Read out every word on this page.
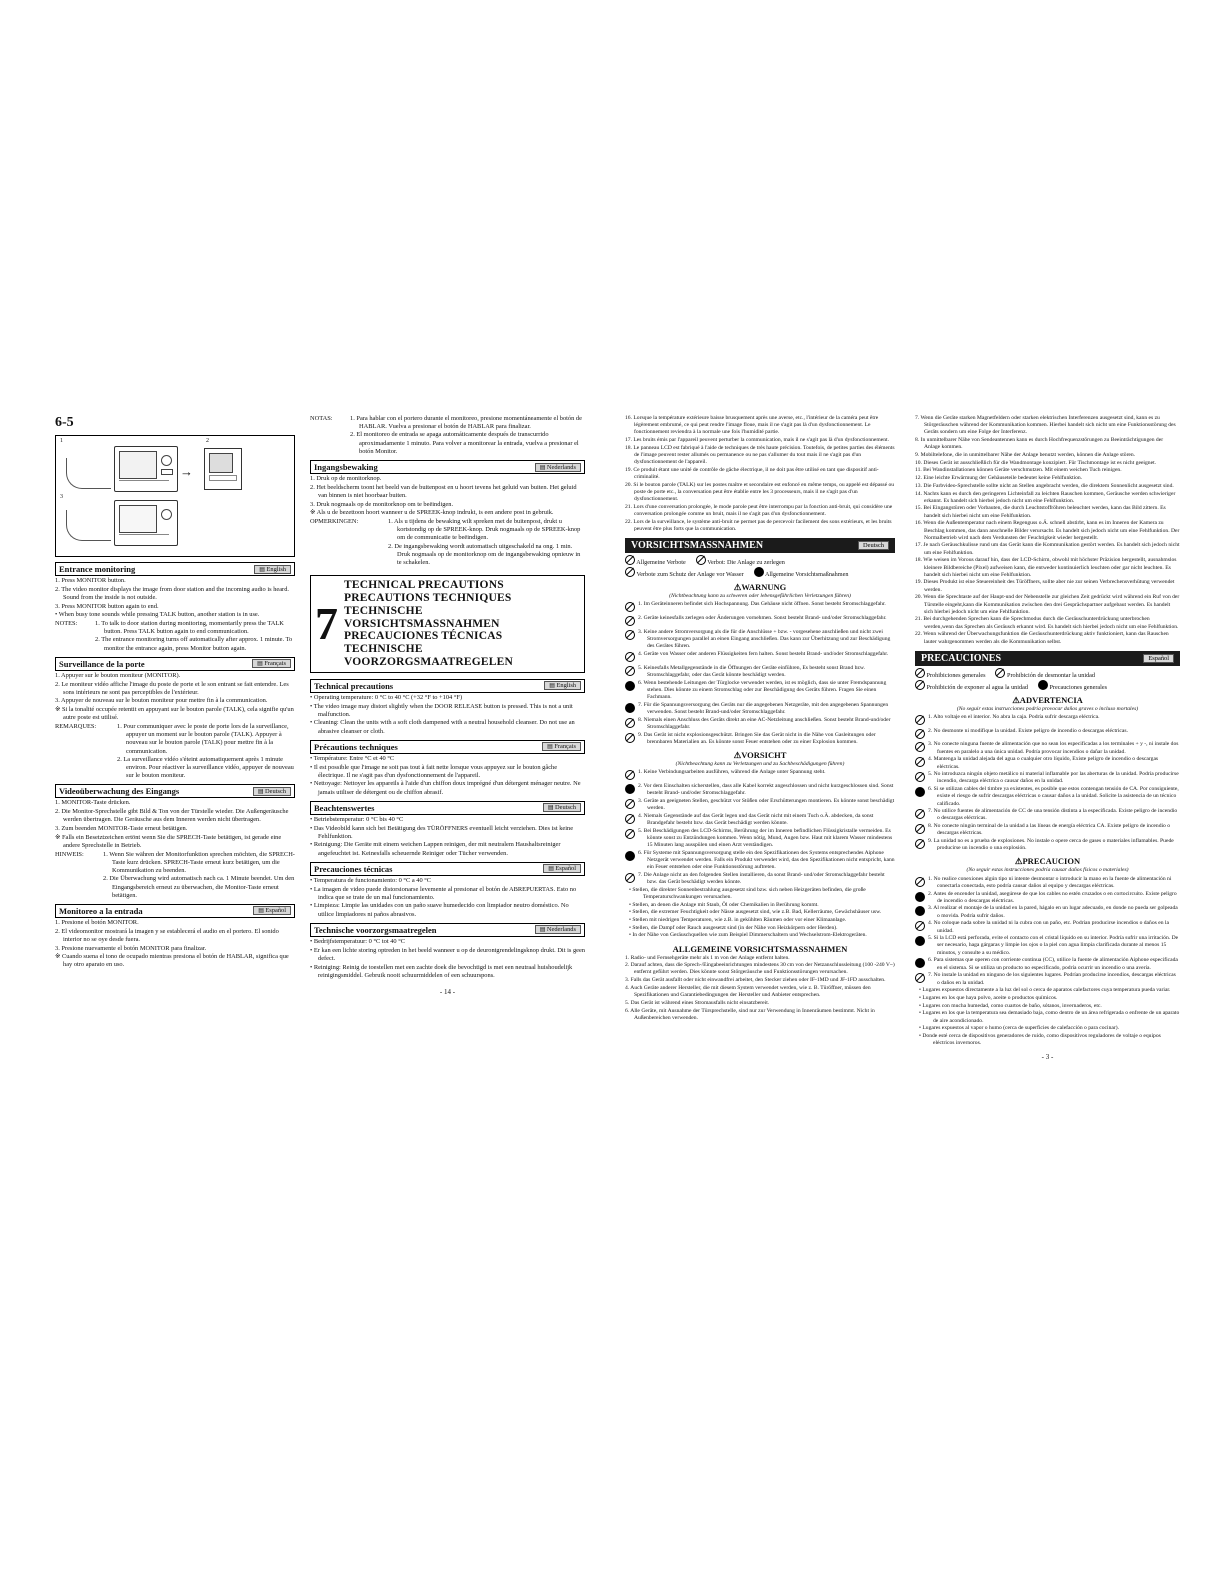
6-5
1	2
3
→
Entrance monitoring	▤ English
1. Press MONITOR button.
2. The video monitor displays the image from door station and the incoming audio is heard. Sound from the inside is not outside.
3. Press MONITOR button again to end.
• When busy tone sounds while pressing TALK button, another station is in use.
NOTES:	1. To talk to door station during monitoring, momentarily press the TALK button. Press TALK button again to end communication.
2. The entrance monitoring turns off automatically after approx. 1 minute. To monitor the entrance again, press Monitor button again.
Surveillance de la porte	▤ Français
1. Appuyer sur le bouton moniteur (MONITOR).
2. Le moniteur vidéo affiche l'image du poste de porte et le son entrant se fait entendre. Les sons intérieurs ne sont pas perceptibles de l'extérieur.
3. Appuyer de nouveau sur le bouton moniteur pour mettre fin à la communication.
※ Si la tonalité occupée retentit en appuyant sur le bouton parole (TALK), cela signifie qu'un autre poste est utilisé.
REMARQUES:	1. Pour communiquer avec le poste de porte lors de la surveillance, appuyer un moment sur le bouton parole (TALK). Appuyer à nouveau sur le bouton parole (TALK) pour mettre fin à la communication.
2. La surveillance vidéo s'éteint automatiquement après 1 minute environ. Pour réactiver la surveillance vidéo, appuyer de nouveau sur le bouton moniteur.
Videoüberwachung des Eingangs	▤ Deutsch
1. MONITOR-Taste drücken.
2. Die Monitor-Sprechstelle gibt Bild & Ton von der Türstelle wieder. Die Außengeräusche werden übertragen. Die Geräusche aus dem Inneren werden nicht übertragen.
3. Zum beenden MONITOR-Taste erneut betätigen.
※ Falls ein Besetztzeichen ertönt wenn Sie die SPRECH-Taste betätigen, ist gerade eine andere Sprechstelle in Betrieb.
HINWEIS:	1. Wenn Sie währen der Monitorfunktion sprechen möchten, die SPRECH-Taste kurz drücken. SPRECH-Taste erneut kurz betätigen, um die Kommunikation zu beenden.
2. Die Überwachung wird automatisch nach ca. 1 Minute beendet. Um den Eingangsbereich erneut zu überwachen, die Monitor-Taste erneut betätigen.
Monitoreo a la entrada	▤ Español
1. Presione el botón MONITOR.
2. El videomonitor mostrará la imagen y se establecerá el audio en el portero. El sonido interior no se oye desde fuera.
3. Presione nuevamente el botón MONITOR para finalizar.
※ Cuando suena el tono de ocupado mientras presiona el botón de HABLAR, significa que hay otro aparato en uso.
NOTAS:	1. Para hablar con el portero durante el monitoreo, presione momentáneamente el botón de HABLAR. Vuelva a presionar el botón de HABLAR para finalizar.
2. El monitoreo de entrada se apaga automáticamente después de transcurrido aproximadamente 1 minuto. Para volver a monitorear la entrada, vuelva a presionar el botón Monitor.
Ingangsbewaking	▤ Nederlands
1. Druk op de monitorknop.
2. Het beeldscherm toont het beeld van de buitenpost en u hoort tevens het geluid van buiten. Het geluid van binnen is niet hoorbaar buiten.
3. Druk nogmaals op de monitorknop om te beëindigen.
※ Als u de bezettoon hoort wanneer u de SPREEK-knop indrukt, is een andere post in gebruik.
OPMERKINGEN:	1. Als u tijdens de bewaking wilt spreken met de buitenpost, drukt u kortstondig op de SPREEK-knop. Druk nogmaals op de SPREEK-knop om de communicatie te beëindigen.
2. De ingangsbewaking wordt automatisch uitgeschakeld na ong. 1 min. Druk nogmaals op de monitorknop om de ingangsbewaking opnieuw in te schakelen.
7
TECHNICAL PRECAUTIONS
PRECAUTIONS TECHNIQUES
TECHNISCHE VORSICHTSMASSNAHMEN
PRECAUCIONES TÉCNICAS
TECHNISCHE VOORZORGSMAATREGELEN
Technical precautions	▤ English
• Operating temperature: 0 °C to 40 °C (+32 °F to +104 °F)
• The video image may distort slightly when the DOOR RELEASE button is pressed. This is not a unit malfunction.
• Cleaning: Clean the units with a soft cloth dampened with a neutral household cleanser. Do not use an abrasive cleanser or cloth.
Précautions techniques	▤ Français
• Température: Entre °C et 40 °C
• Il est possible que l'image ne soit pas tout à fait nette lorsque vous appuyez sur le bouton gâche électrique. Il ne s'agit pas d'un dysfonctionnement de l'appareil.
• Nettoyage: Nettoyer les appareils à l'aide d'un chiffon doux imprégné d'un détergent ménager neutre. Ne jamais utiliser de détergent ou de chiffon abrasif.
Beachtenswertes	▤ Deutsch
• Betriebstemperatur: 0 °C bis 40 °C
• Das Videobild kann sich bei Betätigung des TÜRÖFFNERS eventuell leicht verziehen. Dies ist keine Fehlfunktion.
• Reinigung: Die Geräte mit einem weichen Lappen reinigen, der mit neutralem Haushaltsreiniger angefeuchtet ist. Keinesfalls scheuernde Reiniger oder Tücher verwenden.
Precauciones técnicas	▤ Español
• Temperatura de funcionamiento: 0 °C a 40 °C
• La imagen de video puede distorsionarse levemente al presionar el botón de ABREPUERTAS. Esto no indica que se trate de un mal funcionamiento.
• Limpieza: Limpie las unidades con un paño suave humedecido con limpiador neutro doméstico. No utilice limpiadores ni paños abrasivos.
Technische voorzorgsmaatregelen	▤ Nederlands
• Bedrijfstemperatuur: 0 °C tot 40 °C
• Er kan een lichte storing optreden in het beeld wanneer u op de deurontgrendelingsknop drukt. Dit is geen defect.
• Reiniging: Reinig de toestellen met een zachte doek die bevochtigd is met een neutraal huishoudelijk reinigingsmiddel. Gebruik nooit schuurmiddelen of een schuurspons.
- 14 -
16. Lorsque la température extérieure baisse brusquement après une averse, etc., l'intérieur de la caméra peut être légèrement embrumé, ce qui peut rendre l'image floue, mais il ne s'agit pas là d'un dysfonctionnement. Le fonctionnement reviendra à la normale une fois l'humidité partie.
17. Les bruits émis par l'appareil peuvent perturber la communication, mais il ne s'agit pas là d'un dysfonctionnement.
18. Le panneau LCD est fabriqué à l'aide de techniques de très haute précision. Toutefois, de petites parties des éléments de l'image peuvent rester allumés ou permanence ou ne pas s'allumer du tout mais il ne s'agit pas d'un dysfonctionnement de l'appareil.
19. Ce produit étant une unité de contrôle de gâche électrique, il ne doit pas être utilisé en tant que dispositif anti-criminalité.
20. Si le bouton parole (TALK) sur les postes maître et secondaire est enfoncé en même temps, ou appelé est dépassé ou poste de porte etc., la conversation peut être établie entre les 3 processeurs, mais il ne s'agit pas d'un dysfonctionnement.
21. Lors d'une conversation prolongée, le mode parole peut être interrompu par la fonction anti-bruit, qui considère une conversation prolongée comme un bruit, mais il ne s'agit pas d'un dysfonctionnement.
22. Lors de la surveillance, le système anti-bruit ne permet pas de percevoir facilement des sons extérieurs, et les bruits peuvent être plus forts que la communication.
VORSICHTSMASSNAHMEN	Deutsch
Allgemeine Verbote	Verbot: Die Anlage zu zerlegen
Verbote zum Schutz der Anlage vor Wasser	Allgemeine Vorsichtsmaßnahmen
⚠WARNUNG
(Nichtbeachtung kann zu schweren oder lebensgefährlichen Verletzungen führen)
1. Im Geräteinneren befindet sich Hochspannung. Das Gehäuse nicht öffnen. Sonst besteht Stromschlaggefahr.
2. Geräte keinesfalls zerlegen oder Änderungen vornehmen. Sonst besteht Brand- und/oder Stromschlaggefahr.
3. Keine andere Stromversorgung als die für die Anschlüsse + bzw. - vorgesehene anschließen und nicht zwei Stromversorgungen parallel an einen Eingang anschließen. Das kann zur Überhitzung und zur Beschädigung des Gerätes führen.
4. Geräte von Wasser oder anderen Flüssigkeiten fern halten. Sonst besteht Brand- und/oder Stromschlaggefahr.
5. Keinesfalls Metallgegenstände in die Öffnungen der Geräte einführen, Es besteht sonst Brand bzw. Stromschlaggefahr, oder das Gerät könnte beschädigt werden.
6. Wenn bestehende Leitungen der Türglocke verwendet werden, ist es möglich, dass sie unter Fremdspannung stehen. Dies könnte zu einem Stromschlag oder zur Beschädigung des Geräts führen. Fragen Sie einen Fachmann.
7. Für die Spannungsversorgung des Geräts nur die angegebenen Netzgeräte, mit den angegebenen Spannungen verwenden. Sonst besteht Brand-und/oder Stromschlaggefahr.
8. Niemals einen Anschluss des Geräts direkt an eine AC-Netzleitung anschließen. Sonst besteht Brand-und/oder Stromschlaggefahr.
9. Das Gerät ist nicht explosionsgeschützt. Bringen Sie das Gerät nicht in die Nähe von Gasleitungen oder brennbaren Materialien an. Es könnte sonst Feuer entstehen oder zu einer Explosion kommen.
⚠VORSICHT
(Nichtbeachtung kann zu Verletzungen und zu Sachbeschädigungen führen)
1. Keine Verbindungsarbeiten ausführen, während die Anlage unter Spannung steht.
2. Vor dem Einschalten sicherstellen, dass alle Kabel korrekt angeschlossen und nicht kurzgeschlossen sind. Sonst besteht Brand- und/oder Stromschlaggefahr.
3. Geräte an geeigneten Stellen, geschützt vor Stößen oder Erschütterungen montieren. Es könnte sonst beschädigt werden.
4. Niemals Gegenstände auf das Gerät legen und das Gerät nicht mit einem Tuch o.Ä. abdecken, da sonst Brandgefahr besteht bzw. das Gerät beschädigt werden könnte.
5. Bei Beschädigungen des LCD-Schirms, Berührung der im Inneren befindlichen Flüssigkristalle vermeiden. Es könnte sonst zu Entzündungen kommen. Wenn nötig, Mund, Augen bzw. Haut mit klarem Wasser mindestens 15 Minuten lang ausspülen und einen Arzt verständigen.
6. Für Systeme mit Spannungsversorgung stelle ein den Spezifikationen des Systems entsprechendes Aiphone Netzgerät verwendet werden. Falls ein Produkt verwendet wird, das den Spezifikationen nicht entspricht, kann ein Feuer entstehen oder eine Funktionsstörung auftreten.
7. Die Anlage nicht an den folgenden Stellen installieren, da sonst Brand- und/oder Stromschlaggefahr besteht bzw. das Gerät beschädigt werden könnte.
• Stellen, die direkter Sonnenbestrahlung ausgesetzt sind bzw. sich neben Heizgeräten befinden, die große Temperaturschwankungen verursachen.
• Stellen, an denen die Anlage mit Staub, Öl oder Chemikalien in Berührung kommt.
• Stellen, die extremer Feuchtigkeit oder Nässe ausgesetzt sind, wie z.B. Bad, Kellerräume, Gewächshäuser usw.
• Stellen mit niedrigen Temperaturen, wie z.B. in gekühlten Räumen oder vor einer Klimaanlage.
• Stellen, die Dampf oder Rauch ausgesetzt sind (in der Nähe von Heizkörpern oder Herden).
• In der Nähe von Geräuschquellen wie zum Beispiel Dimmerschaltern und Wechselstrom-Elektrogeräten.
ALLGEMEINE VORSICHTSMASSNAHMEN
1. Radio- und Fernsehgeräte mehr als 1 m von der Anlage entfernt halten.
2. Darauf achten, dass die Sprech-/Eingabeeinrichtungen mindestens 30 cm von der Netzanschlussleitung (100 -240 V~) entfernt geführt werden. Dies könnte sonst Störgeräusche und Funktionsstörungen verursachen.
3. Falls das Gerät ausfallt oder nicht einwandfrei arbeitet, den Stecker ziehen oder IF-1MD und JF-1FD ausschalten.
4. Auch Geräte anderer Hersteller, die mit diesem System verwendet werden, wie z. B. Türöffner, müssen den Spezifikationen und Garantiebedingungen der Hersteller und Anbieter entsprechen.
5. Das Gerät ist während eines Stromausfalls nicht einsatzbereit.
6. Alle Geräte, mit Ausnahme der Türsprechstelle, sind nur zur Verwendung in Innenräumen bestimmt. Nicht in Außenbereichen verwenden.
7. Wenn die Geräte starken Magnetfeldern oder starken elektrischen Interferenzen ausgesetzt sind, kann es zu Störgeräuschen während der Kommunikation kommen. Hierbei handelt sich nicht um eine Funktionsstörung des Geräts sondern um eine Folge der Interferenz.
8. In unmittelbarer Nähe von Sendeantennen kann es durch Hochfrequenzstörungen zu Beeinträchtigungen der Anlage kommen.
9. Mobiltelefone, die in unmittelbarer Nähe der Anlage benutzt werden, können die Anlage stören.
10. Dieses Gerät ist ausschließlich für die Wandmontage konzipiert. Für Tischmontage ist es nicht geeignet.
11. Bei Wandinstallationen können Geräte verschmutzen. Mit einem weichen Tuch reinigen.
12. Eine leichte Erwärmung der Gehäuseteile bedeutet keine Fehlfunktion.
13. Die Farbvideo-Sprechstelle sollte nicht an Stellen angebracht werden, die direktem Sonnenlicht ausgesetzt sind.
14. Nachts kann es durch den geringeren Lichteinfall zu leichten Rauschen kommen, Geräusche werden schwieriger erkannt. Es handelt sich hierbei jedoch nicht um eine Fehlfunktion.
15. Bei Eingangstüren oder Vorbauten, die durch Leuchtstoffröhren beleuchtet werden, kann das Bild zittern. Es handelt sich hierbei nicht um eine Fehlfunktion.
16. Wenn die Außentemperatur nach einem Regenguss o.Ä. schnell abstirbt, kann es im Inneren der Kamera zu Beschlag kommen, das dann anschnelle Bilder verursacht. Es handelt sich jedoch nicht um eine Fehlfunktion. Der Normalbetrieb wird nach dem Verdunsten der Feuchtigkeit wieder hergestellt.
17. Je nach Geräuschkulisse rund um das Gerät kann die Kommunikation gestört werden. Es handelt sich jedoch nicht um eine Fehlfunktion.
18. Wie weisen im Vorous darauf hin, dass der LCD-Schirm, obwohl mit höchster Präzision hergestellt, ausnahmslos kleinere Bildbereiche (Pixel) aufweisen kann, die entweder kontinuierlich leuchten oder gar nicht leuchten. Es handelt sich hierbei nicht um eine Fehlfunktion.
19. Dieses Produkt ist eine Steuereinheit des Türöffners, sollte aber nie zur seinen Verbrechensverhütung verwendet werden.
20. Wenn die Sprechtaste auf der Haupt-und der Nebenstelle zur gleichen Zeit gedrückt wird während ein Ruf von der Türstelle eingeht,kann die Kommunikation zwischen den drei Gesprächspartner aufgebaut werden. Es handelt sich hierbei jedoch nicht um eine Fehlfunktion.
21. Bei durchgehenden Sprechen kann die Sprechmodus durch die Geräuschunterdrückung unterbrochen werden,wenn das Sprechen als Geräusch erkannt wird. Es handelt sich hierbei jedoch nicht um eine Fehlfunktion.
22. Wenn während der Überwachungsfunktion die Geräuschunterdrückung aktiv funktioniert, kann das Rauschen lauter wahrgenommen werden als die Kommunikation selbst.
PRECAUCIONES	Español
Prohibiciones generales	Prohibición de desmontar la unidad
Prohibición de exponer al agua la unidad	Precauciones generales
⚠ADVERTENCIA
(No seguir estas instrucciones podría provocar daños graves o incluso mortales)
1. Alto voltaje en el interior. No abra la caja. Podría sufrir descarga eléctrica.
2. No desmonte ni modifique la unidad. Existe peligro de incendio o descargas eléctricas.
3. No conecte ninguna fuente de alimentación que no sean los especificadas a los terminales + y -, ni instale dos fuentes en paralelo a una única unidad. Podría provocar incendios o dañar la unidad.
4. Mantenga la unidad alejada del agua o cualquier otro líquido, Existe peligro de incendio o descargas eléctricas.
5. No introduzca ningún objeto metálico ni material inflamable por las aberturas de la unidad. Podría producirse incendio, descarga eléctrica o causar daños en la unidad.
6. Si se utilizan cables del timbre ya existentes, es posible que estos contengan tensión de CA. Por consiguiente, existe el riesgo de sufrir descargas eléctricas o causar daños a la unidad. Solicite la asistencia de un técnico calificado.
7. No utilice fuentes de alimentación de CC de una tensión distinta a la especificada. Existe peligro de incendio o descargas eléctricas.
8. No conecte ningún terminal de la unidad a las líneas de energía eléctrica CA. Existe peligro de incendio o descargas eléctricas.
9. La unidad no es a prueba de explosiones. No instale o opere cerca de gases o materiales inflamables. Puede producirse un incendio o una explosión.
⚠PRECAUCION
(No seguir estas instrucciones podría causar daños físicos o materiales)
1. No realice conexiones algún tipo ni intente desmontar o introducir la mano en la fuente de alimentación ni conectarla conectada, esto podría causar daños al equipo y descargas eléctricas.
2. Antes de encender la unidad, asegúrese de que los cables no estén cruzados o en cortocircuito. Existe peligro de incendio o descargas eléctricas.
3. Al realizar el montaje de la unidad en la pared, hágalo en un lugar adecuado, en donde no pueda ser golpeada o movida. Podría sufrir daños.
4. No coloque nada sobre la unidad ni la cubra con un paño, etc. Podrían producirse incendios o daños en la unidad.
5. Si la LCD está perforada, evite el contacto con el cristal líquido en su interior. Podría sufrir una irritación. De ser necesario, haga gárgaras y limpie los ojos o la piel con agua limpia clarificada durante al menos 15 minutos, y consulte a su médico.
6. Para sistemas que operen con corriente continua (CC), utilice la fuente de alimentación Aiphone especificada en el sistema. Si se utiliza un producto no especificado, podría ocurrir un incendio o una avería.
7. No instale la unidad en ninguno de los siguientes lugares. Podrían producirse incendios, descargas eléctricas o daños en la unidad.
• Lugares expuestos directamente a la luz del sol o cerca de aparatos calefactores cuya temperatura pueda variar.
• Lugares en los que haya polvo, aceite o productos químicos.
• Lugares con mucha humedad, como cuartos de baño, sótanos, invernaderos, etc.
• Lugares en los que la temperatura sea demasiado baja, como dentro de un área refrigerada o enfrente de un aparato de aire acondicionado.
• Lugares expuestos al vapor o humo (cerca de superficies de calefacción o para cocinar).
• Donde esté cerca de dispositivos generadores de ruido, como dispositivos reguladores de voltaje o equipos eléctricos invernoros.
- 3 -
